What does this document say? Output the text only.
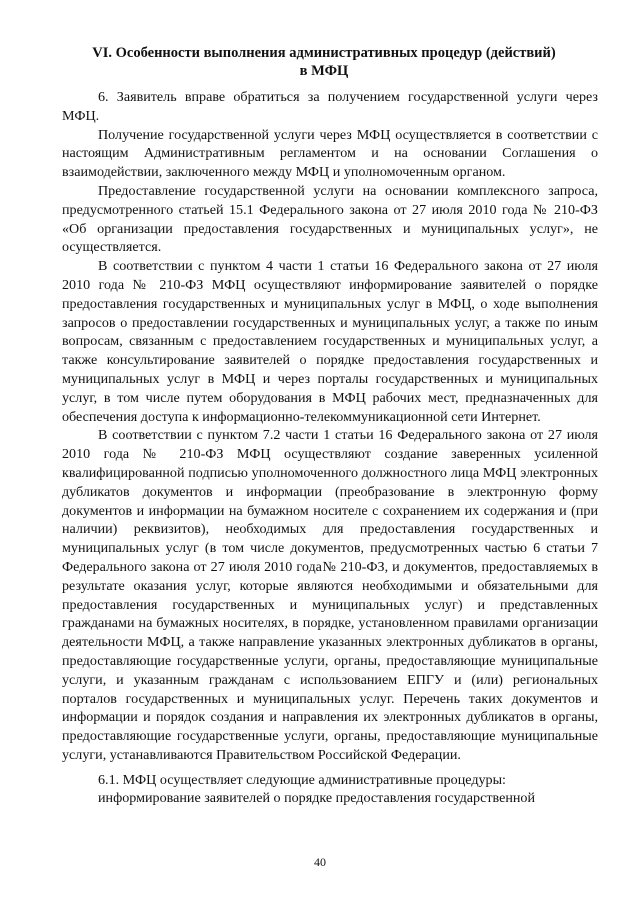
VI. Особенности выполнения административных процедур (действий)
в МФЦ

6. Заявитель вправе обратиться за получением государственной услуги через МФЦ.

Получение государственной услуги через МФЦ осуществляется в соответствии с настоящим Административным регламентом и на основании Соглашения о взаимодействии, заключенного между МФЦ и уполномоченным органом.

Предоставление государственной услуги на основании комплексного запроса, предусмотренного статьей 15.1 Федерального закона от 27 июля 2010 года № 210-ФЗ «Об организации предоставления государственных и муниципальных услуг», не осуществляется.

В соответствии с пунктом 4 части 1 статьи 16 Федерального закона от 27 июля 2010 года № 210-ФЗ МФЦ осуществляют информирование заявителей о порядке предоставления государственных и муниципальных услуг в МФЦ, о ходе выполнения запросов о предоставлении государственных и муниципальных услуг, а также по иным вопросам, связанным с предоставлением государственных и муниципальных услуг, а также консультирование заявителей о порядке предоставления государственных и муниципальных услуг в МФЦ и через порталы государственных и муниципальных услуг, в том числе путем оборудования в МФЦ рабочих мест, предназначенных для обеспечения доступа к информационно-телекоммуникационной сети Интернет.

В соответствии с пунктом 7.2 части 1 статьи 16 Федерального закона от 27 июля 2010 года № 210-ФЗ МФЦ осуществляют создание заверенных усиленной квалифицированной подписью уполномоченного должностного лица МФЦ электронных дубликатов документов и информации (преобразование в электронную форму документов и информации на бумажном носителе с сохранением их содержания и (при наличии) реквизитов), необходимых для предоставления государственных и муниципальных услуг (в том числе документов, предусмотренных частью 6 статьи 7 Федерального закона от 27 июля 2010 года№ 210-ФЗ, и документов, предоставляемых в результате оказания услуг, которые являются необходимыми и обязательными для предоставления государственных и муниципальных услуг) и представленных гражданами на бумажных носителях, в порядке, установленном правилами организации деятельности МФЦ, а также направление указанных электронных дубликатов в органы, предоставляющие государственные услуги, органы, предоставляющие муниципальные услуги, и указанным гражданам с использованием ЕПГУ и (или) региональных порталов государственных и муниципальных услуг. Перечень таких документов и информации и порядок создания и направления их электронных дубликатов в органы, предоставляющие государственные услуги, органы, предоставляющие муниципальные услуги, устанавливаются Правительством Российской Федерации.

6.1. МФЦ осуществляет следующие административные процедуры:

информирование заявителей о порядке предоставления государственной

40
